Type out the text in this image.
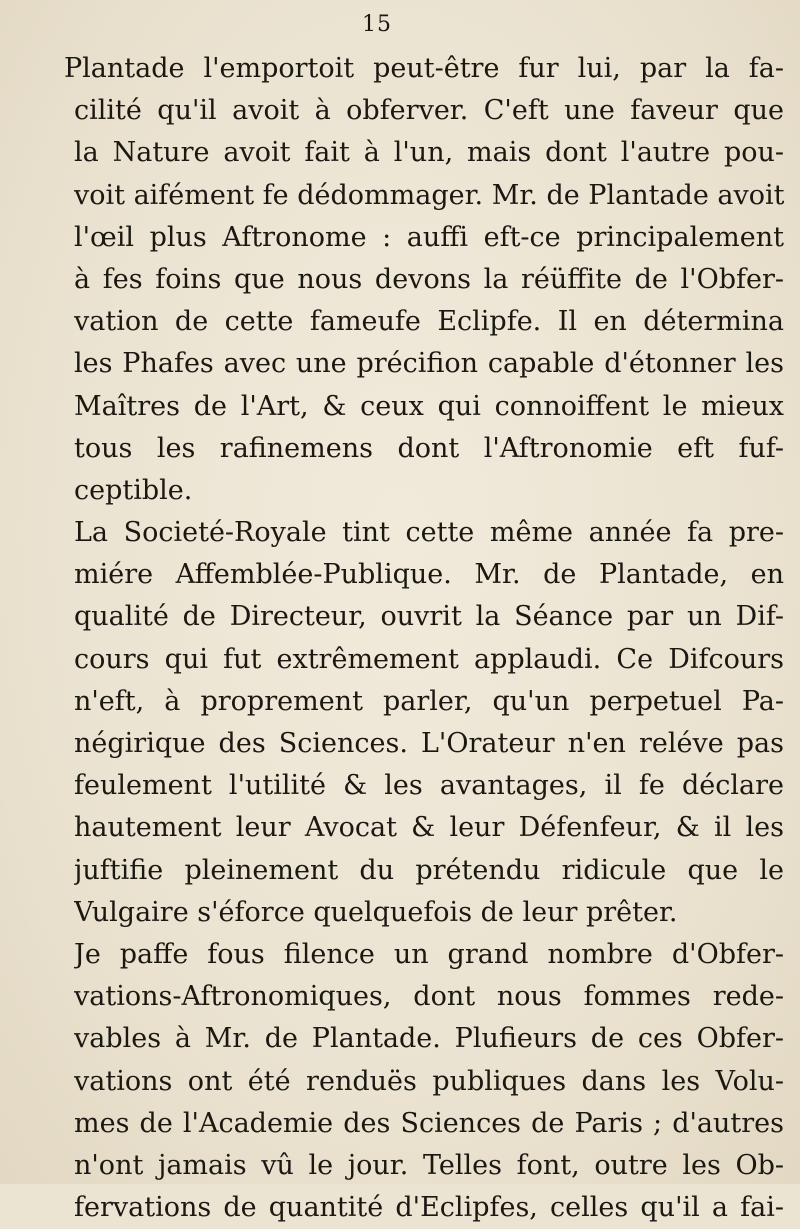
15
Plantade l'emportoit peut-être fur lui, par la fa-
cilité qu'il avoit à obferver. C'eft une faveur que
la Nature avoit fait à l'un, mais dont l'autre pou-
voit aifément fe dédommager. Mr. de Plantade avoit
l'œil plus Aftronome : auffi eft-ce principalement
à fes foins que nous devons la réüffite de l'Obfer-
vation de cette fameufe Eclipfe. Il en détermina
les Phafes avec une précifion capable d'étonner les
Maîtres de l'Art, & ceux qui connoiffent le mieux
tous les rafinemens dont l'Aftronomie eft fuf-
ceptible.
La Societé-Royale tint cette même année fa pre-
miére Affemblée-Publique. Mr. de Plantade, en
qualité de Directeur, ouvrit la Séance par un Dif-
cours qui fut extrêmement applaudi. Ce Difcours
n'eft, à proprement parler, qu'un perpetuel Pa-
négirique des Sciences. L'Orateur n'en reléve pas
feulement l'utilité & les avantages, il fe déclare
hautement leur Avocat & leur Défenfeur, & il les
juftifie pleinement du prétendu ridicule que le
Vulgaire s'éforce quelquefois de leur prêter.
Je paffe fous filence un grand nombre d'Obfer-
vations-Aftronomiques, dont nous fommes rede-
vables à Mr. de Plantade. Plufieurs de ces Obfer-
vations ont été renduës publiques dans les Volu-
mes de l'Academie des Sciences de Paris ; d'autres
n'ont jamais vû le jour. Telles font, outre les Ob-
fervations de quantité d'Eclipfes, celles qu'il a fai-
